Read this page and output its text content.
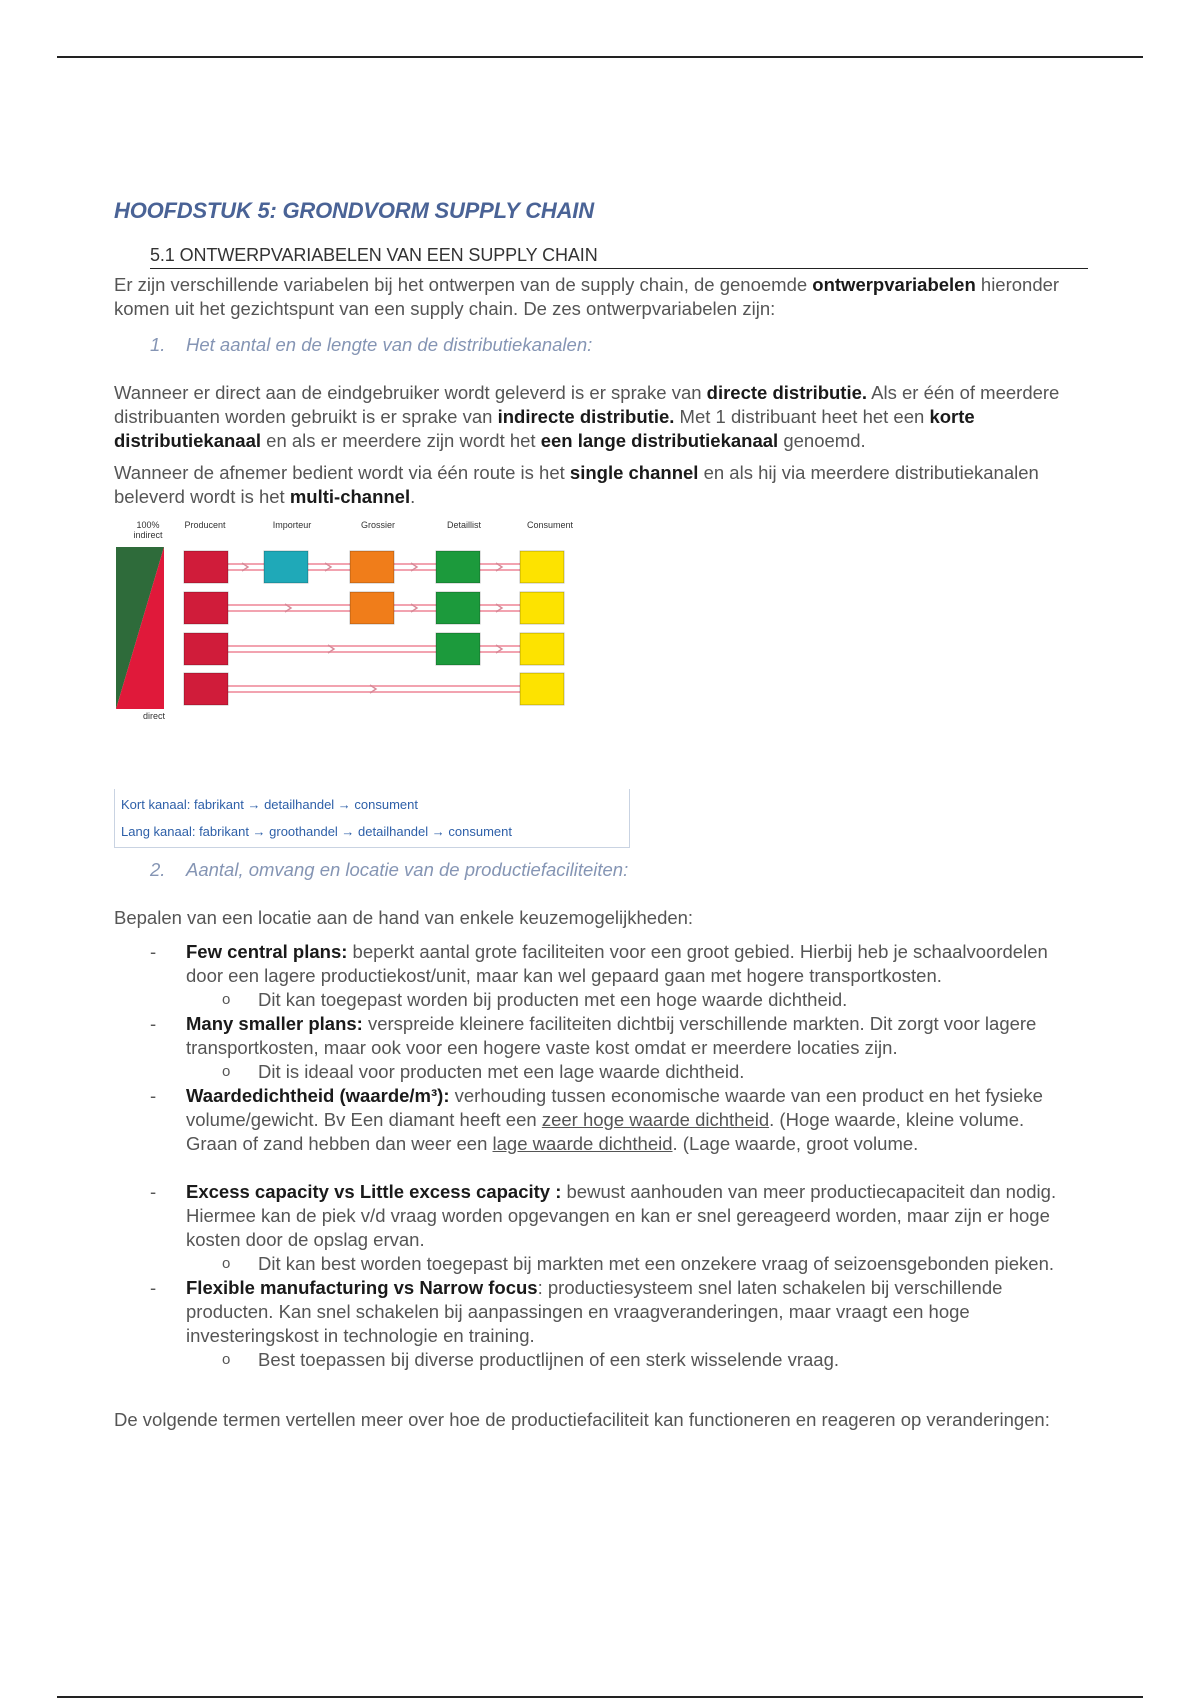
HOOFDSTUK 5: GRONDVORM SUPPLY CHAIN
5.1 ONTWERPVARIABELEN VAN EEN SUPPLY CHAIN

Er zijn verschillende variabelen bij het ontwerpen van de supply chain, de genoemde ontwerpvariabelen hieronder komen uit het gezichtspunt van een supply chain. De zes ontwerpvariabelen zijn:

1.	Het aantal en de lengte van de distributiekanalen:

Wanneer er direct aan de eindgebruiker wordt geleverd is er sprake van directe distributie. Als er één of meerdere distribuanten worden gebruikt is er sprake van indirecte distributie. Met 1 distribuant heet het een korte distributiekanaal en als er meerdere zijn wordt het een lange distributiekanaal genoemd.

Wanneer de afnemer bedient wordt via één route is het single channel en als hij via meerdere distributiekanalen beleverd wordt is het multi-channel.

100% indirect
direct
Producent	Importeur	Grossier	Detaillist	Consument
Kort kanaal: fabrikant → detailhandel → consument
Lang kanaal: fabrikant → groothandel → detailhandel → consument
2.	Aantal, omvang en locatie van de productiefaciliteiten:

Bepalen van een locatie aan de hand van enkele keuzemogelijkheden:

- Few central plans: beperkt aantal grote faciliteiten voor een groot gebied. Hierbij heb je schaalvoordelen door een lagere productiekost/unit, maar kan wel gepaard gaan met hogere transportkosten.
o Dit kan toegepast worden bij producten met een hoge waarde dichtheid.
- Many smaller plans: verspreide kleinere faciliteiten dichtbij verschillende markten. Dit zorgt voor lagere transportkosten, maar ook voor een hogere vaste kost omdat er meerdere locaties zijn.
o Dit is ideaal voor producten met een lage waarde dichtheid.
- Waardedichtheid (waarde/m³): verhouding tussen economische waarde van een product en het fysieke volume/gewicht. Bv Een diamant heeft een zeer hoge waarde dichtheid. (Hoge waarde, kleine volume. Graan of zand hebben dan weer een lage waarde dichtheid. (Lage waarde, groot volume.
- Excess capacity vs Little excess capacity : bewust aanhouden van meer productiecapaciteit dan nodig. Hiermee kan de piek v/d vraag worden opgevangen en kan er snel gereageerd worden, maar zijn er hoge kosten door de opslag ervan.
o Dit kan best worden toegepast bij markten met een onzekere vraag of seizoensgebonden pieken.
- Flexible manufacturing vs Narrow focus: productiesysteem snel laten schakelen bij verschillende producten. Kan snel schakelen bij aanpassingen en vraagveranderingen, maar vraagt een hoge investeringskost in technologie en training.
o Best toepassen bij diverse productlijnen of een sterk wisselende vraag.

De volgende termen vertellen meer over hoe de productiefaciliteit kan functioneren en reageren op veranderingen:
